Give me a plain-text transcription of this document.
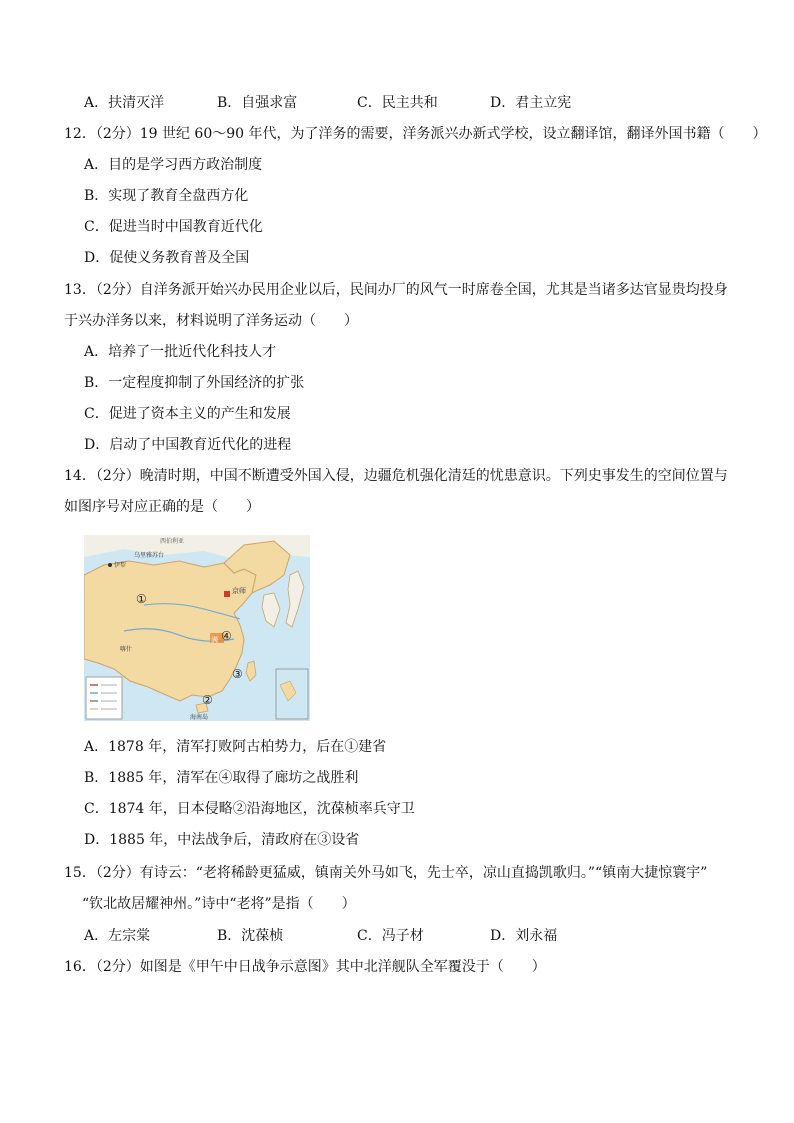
A．扶清灭洋	B．自强求富	C．民主共和	D．君主立宪
12．（2分）19 世纪 60～90 年代，为了洋务的需要，洋务派兴办新式学校，设立翻译馆，翻译外国书籍（　　）
A．目的是学习西方政治制度
B．实现了教育全盘西方化
C．促进当时中国教育近代化
D．促使义务教育普及全国
13．（2分）自洋务派开始兴办民用企业以后，民间办厂的风气一时席卷全国，尤其是当诸多达官显贵均投身
于兴办洋务以来，材料说明了洋务运动（　　）
A．培养了一批近代化科技人才
B．一定程度抑制了外国经济的扩张
C．促进了资本主义的产生和发展
D．启动了中国教育近代化的进程
14．（2分）晚清时期，中国不断遭受外国入侵，边疆危机强化清廷的忧患意识。下列史事发生的空间位置与
如图序号对应正确的是（　　）
西伯利亚
乌里雅苏台
伊犁
京师
满
喀什
海南岛
①
②
③
④
A．1878 年，清军打败阿古柏势力，后在①建省
B．1885 年，清军在④取得了廊坊之战胜利
C．1874 年，日本侵略②沿海地区，沈葆桢率兵守卫
D．1885 年，中法战争后，清政府在③设省
15．（2分）有诗云：“老将稀龄更猛威，镇南关外马如飞，先士卒，凉山直捣凯歌归。”“镇南大捷惊寰宇”
“钦北故居耀神州。”诗中“老将”是指（　　）
A．左宗棠	B．沈葆桢	C．冯子材	D．刘永福
16．（2分）如图是《甲午中日战争示意图》其中北洋舰队全军覆没于（　　）
